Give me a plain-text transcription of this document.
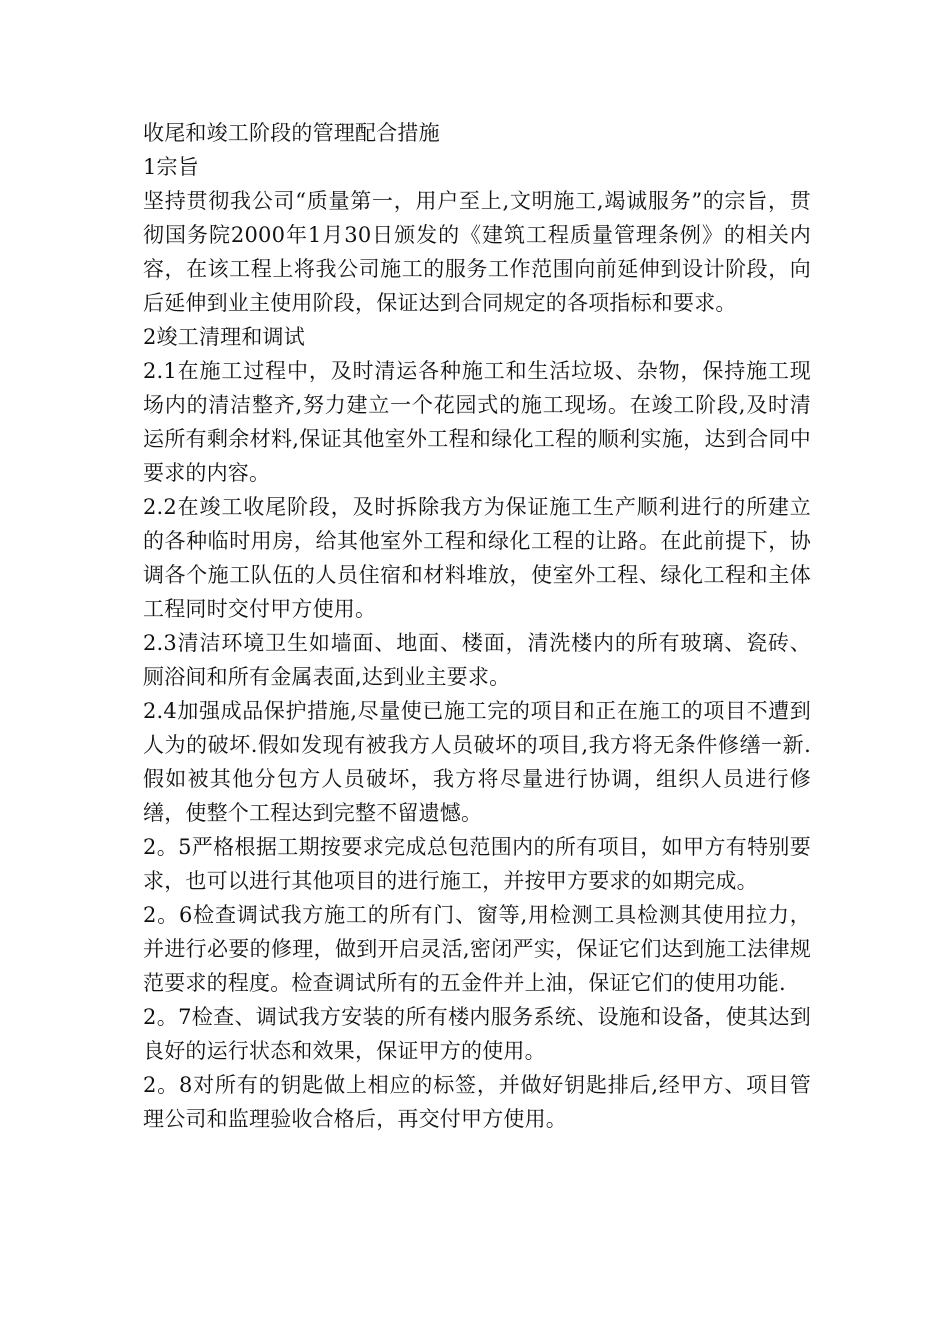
收尾和竣工阶段的管理配合措施

1宗旨

坚持贯彻我公司“质量第一，用户至上,文明施工,竭诚服务”的宗旨，贯彻国务院2000年1月30日颁发的《建筑工程质量管理条例》的相关内容，在该工程上将我公司施工的服务工作范围向前延伸到设计阶段，向后延伸到业主使用阶段，保证达到合同规定的各项指标和要求。

2竣工清理和调试

2.1在施工过程中，及时清运各种施工和生活垃圾、杂物，保持施工现场内的清洁整齐,努力建立一个花园式的施工现场。在竣工阶段,及时清运所有剩余材料,保证其他室外工程和绿化工程的顺利实施，达到合同中要求的内容。

2.2在竣工收尾阶段，及时拆除我方为保证施工生产顺利进行的所建立的各种临时用房，给其他室外工程和绿化工程的让路。在此前提下，协调各个施工队伍的人员住宿和材料堆放，使室外工程、绿化工程和主体工程同时交付甲方使用。

2.3清洁环境卫生如墙面、地面、楼面，清洗楼内的所有玻璃、瓷砖、厕浴间和所有金属表面,达到业主要求。

2.4加强成品保护措施,尽量使已施工完的项目和正在施工的项目不遭到人为的破坏.假如发现有被我方人员破坏的项目,我方将无条件修缮一新.假如被其他分包方人员破坏，我方将尽量进行协调，组织人员进行修缮，使整个工程达到完整不留遗憾。

2。5严格根据工期按要求完成总包范围内的所有项目，如甲方有特别要求，也可以进行其他项目的进行施工，并按甲方要求的如期完成。

2。6检查调试我方施工的所有门、窗等,用检测工具检测其使用拉力，并进行必要的修理，做到开启灵活,密闭严实，保证它们达到施工法律规范要求的程度。检查调试所有的五金件并上油，保证它们的使用功能.

2。7检查、调试我方安装的所有楼内服务系统、设施和设备，使其达到良好的运行状态和效果，保证甲方的使用。

2。8对所有的钥匙做上相应的标签，并做好钥匙排后,经甲方、项目管理公司和监理验收合格后，再交付甲方使用。
